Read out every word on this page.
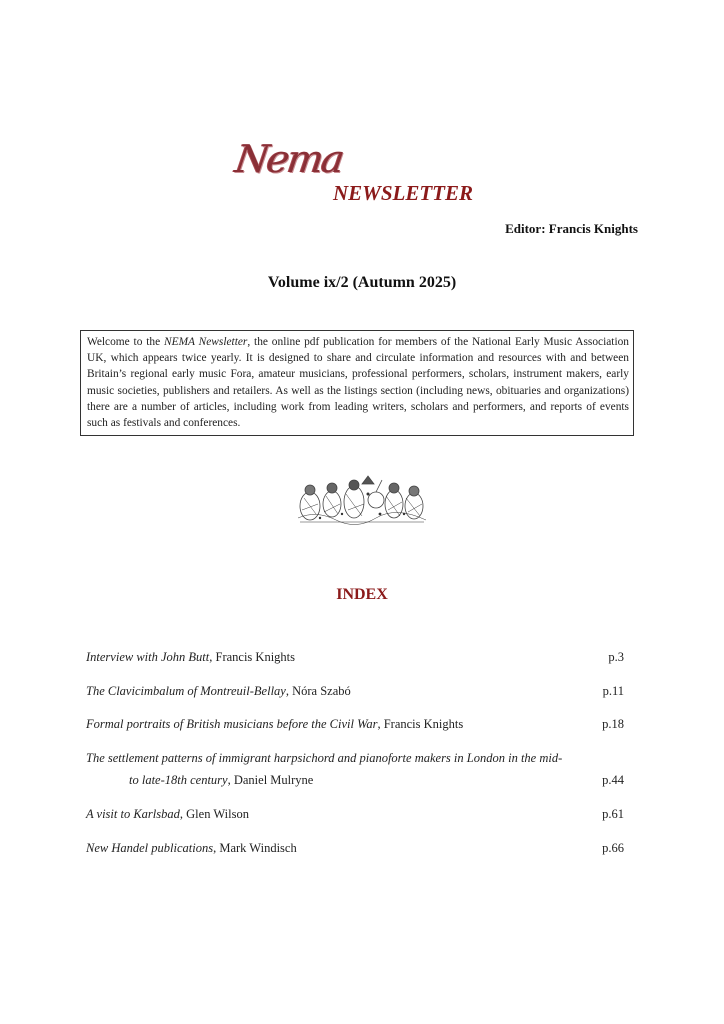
Nema
NEWSLETTER
Editor: Francis Knights
Volume ix/2 (Autumn 2025)
Welcome to the NEMA Newsletter, the online pdf publication for members of the National Early Music Association UK, which appears twice yearly. It is designed to share and circulate information and resources with and between Britain’s regional early music Fora, amateur musicians, professional performers, scholars, instrument makers, early music societies, publishers and retailers. As well as the listings section (including news, obituaries and organizations) there are a number of articles, including work from leading writers, scholars and performers, and reports of events such as festivals and conferences.
INDEX
Interview with John Butt, Francis Knights	p.3
The Clavicimbalum of Montreuil-Bellay, Nóra Szabó	p.11
Formal portraits of British musicians before the Civil War, Francis Knights	p.18
The settlement patterns of immigrant harpsichord and pianoforte makers in London in the mid-
to late-18th century, Daniel Mulryne	p.44
A visit to Karlsbad, Glen Wilson	p.61
New Handel publications, Mark Windisch	p.66
